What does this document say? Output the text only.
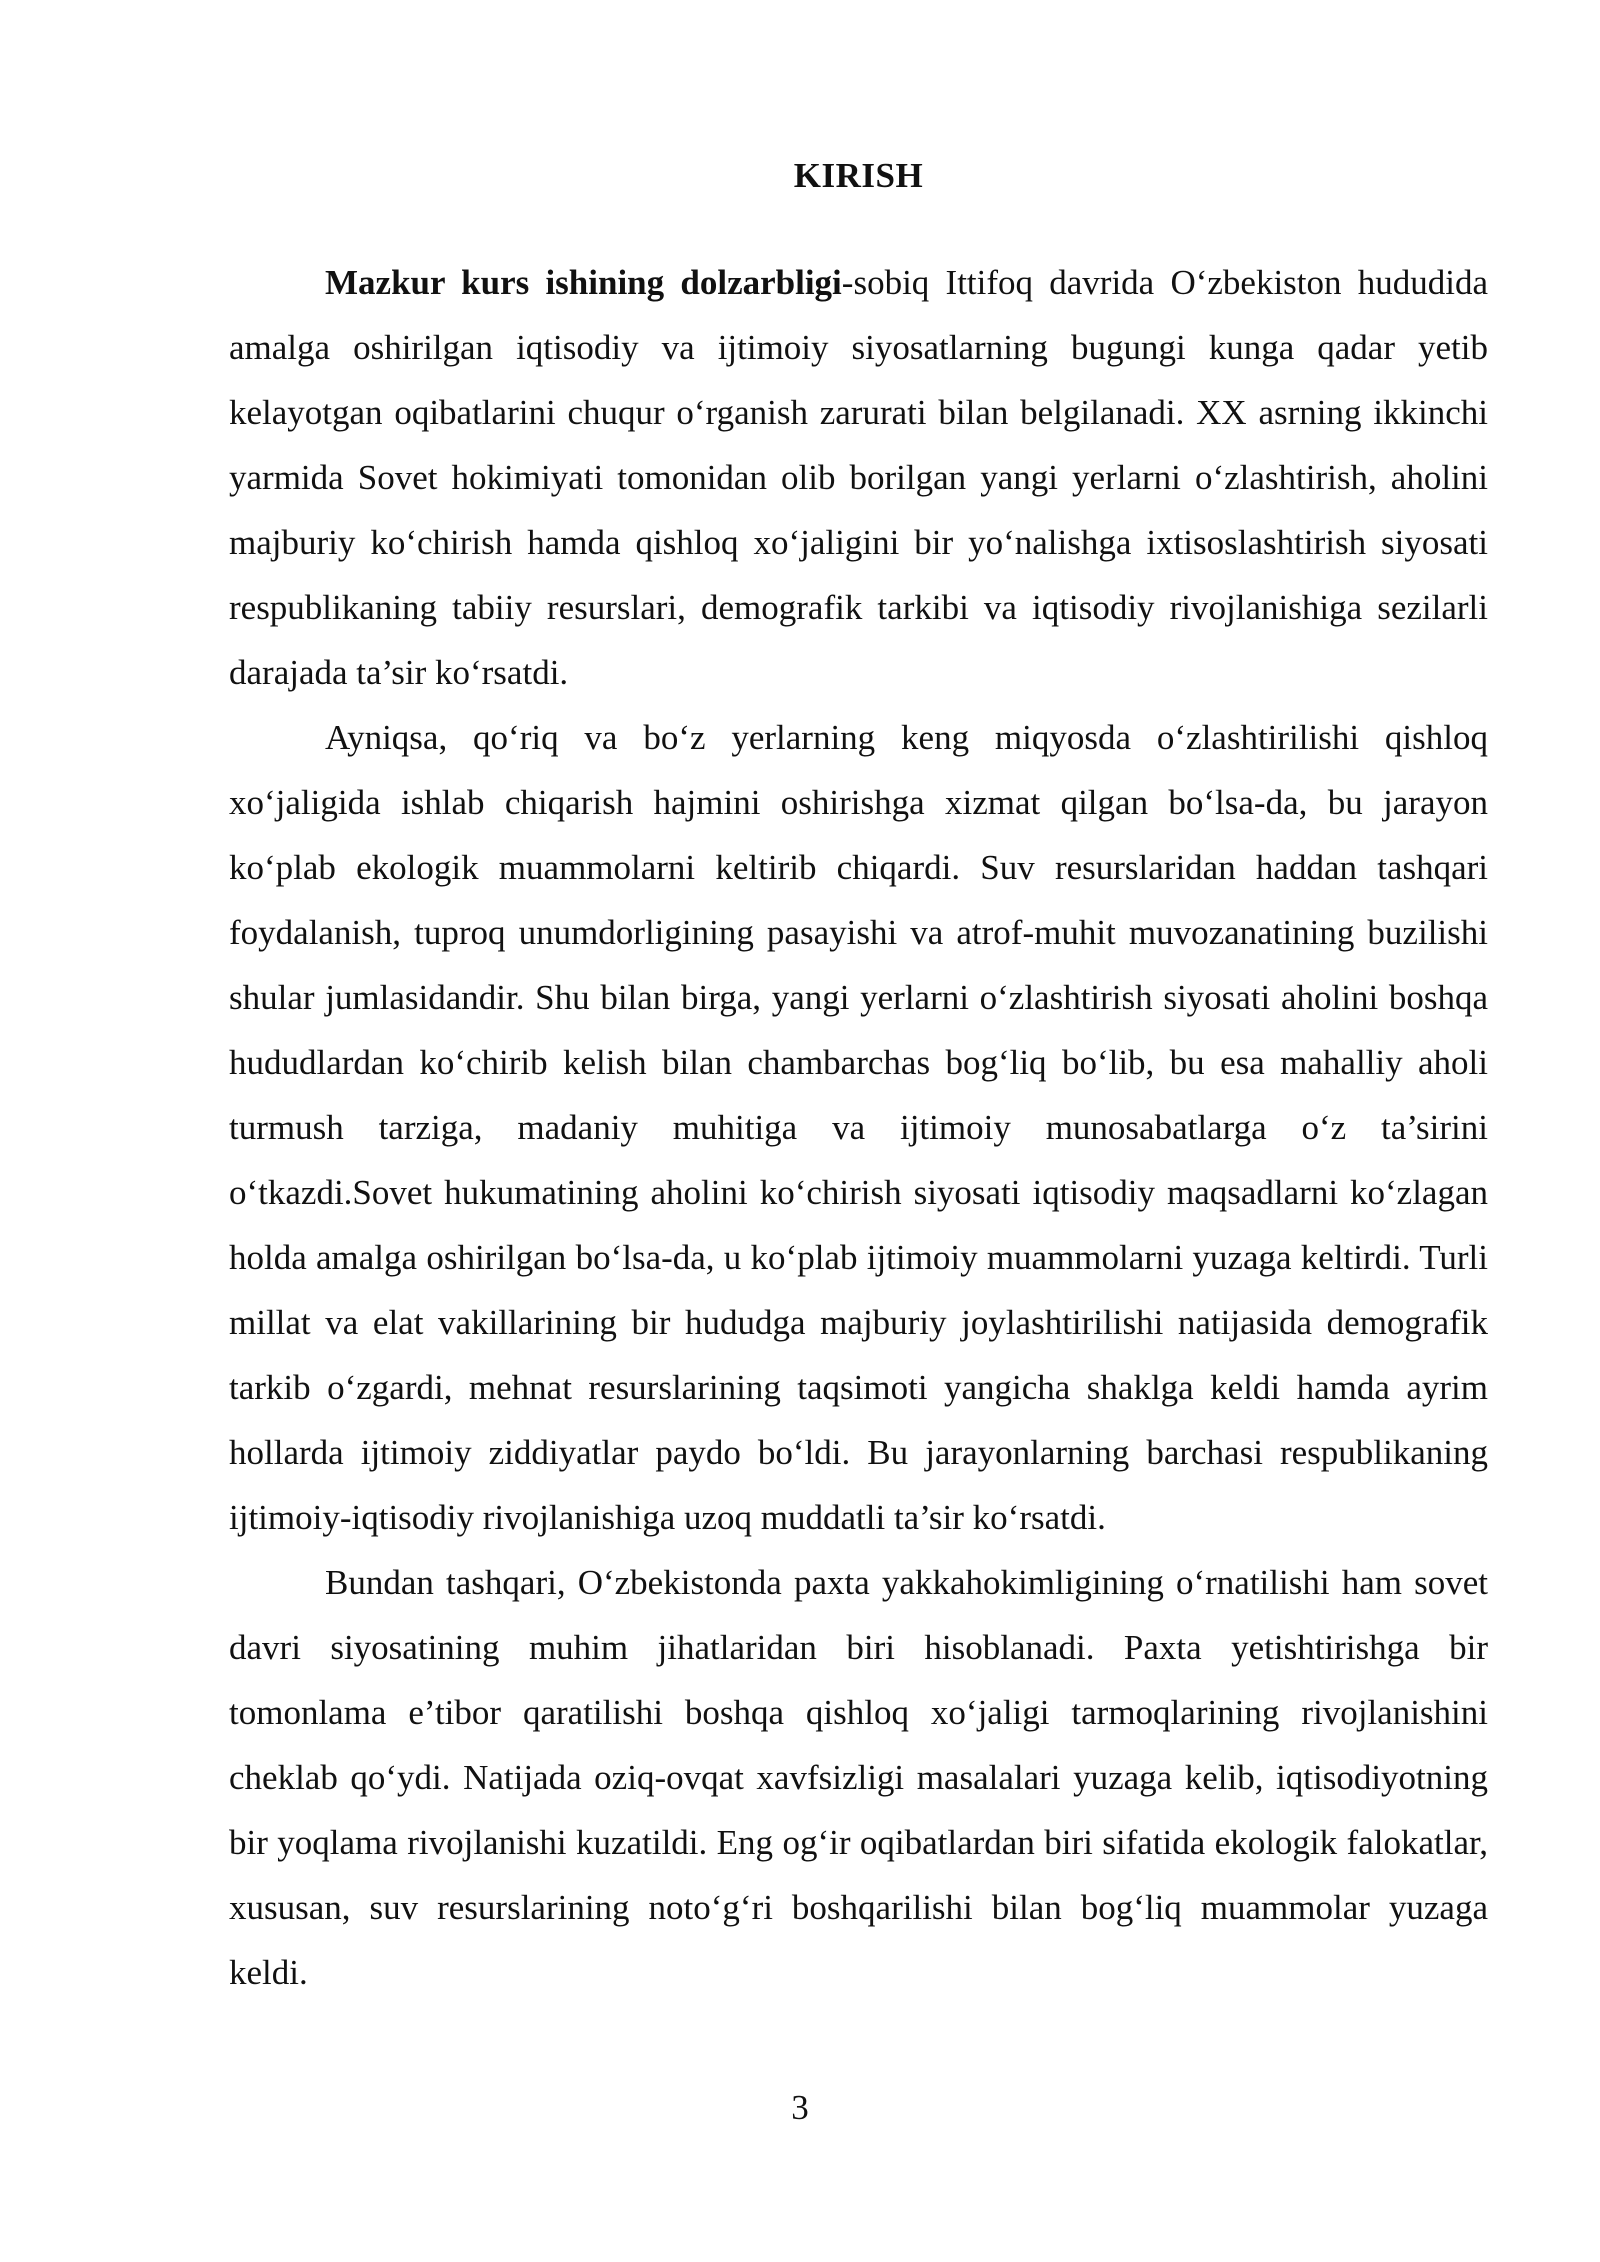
KIRISH

Mazkur kurs ishining dolzarbligi-sobiq Ittifoq davrida O‘zbekiston hududida amalga oshirilgan iqtisodiy va ijtimoiy siyosatlarning bugungi kunga qadar yetib kelayotgan oqibatlarini chuqur o‘rganish zarurati bilan belgilanadi. XX asrning ikkinchi yarmida Sovet hokimiyati tomonidan olib borilgan yangi yerlarni o‘zlashtirish, aholini majburiy ko‘chirish hamda qishloq xo‘jaligini bir yo‘nalishga ixtisoslashtirish siyosati respublikaning tabiiy resurslari, demografik tarkibi va iqtisodiy rivojlanishiga sezilarli darajada ta’sir ko‘rsatdi.

Ayniqsa, qo‘riq va bo‘z yerlarning keng miqyosda o‘zlashtirilishi qishloq xo‘jaligida ishlab chiqarish hajmini oshirishga xizmat qilgan bo‘lsa-da, bu jarayon ko‘plab ekologik muammolarni keltirib chiqardi. Suv resurslaridan haddan tashqari foydalanish, tuproq unumdorligining pasayishi va atrof-muhit muvozanatining buzilishi shular jumlasidandir. Shu bilan birga, yangi yerlarni o‘zlashtirish siyosati aholini boshqa hududlardan ko‘chirib kelish bilan chambarchas bog‘liq bo‘lib, bu esa mahalliy aholi turmush tarziga, madaniy muhitiga va ijtimoiy munosabatlarga o‘z ta’sirini o‘tkazdi.Sovet hukumatining aholini ko‘chirish siyosati iqtisodiy maqsadlarni ko‘zlagan holda amalga oshirilgan bo‘lsa-da, u ko‘plab ijtimoiy muammolarni yuzaga keltirdi. Turli millat va elat vakillarining bir hududga majburiy joylashtirilishi natijasida demografik tarkib o‘zgardi, mehnat resurslarining taqsimoti yangicha shaklga keldi hamda ayrim hollarda ijtimoiy ziddiyatlar paydo bo‘ldi. Bu jarayonlarning barchasi respublikaning ijtimoiy-iqtisodiy rivojlanishiga uzoq muddatli ta’sir ko‘rsatdi.

Bundan tashqari, O‘zbekistonda paxta yakkahokimligining o‘rnatilishi ham sovet davri siyosatining muhim jihatlaridan biri hisoblanadi. Paxta yetishtirishga bir tomonlama e’tibor qaratilishi boshqa qishloq xo‘jaligi tarmoqlarining rivojlanishini cheklab qo‘ydi. Natijada oziq-ovqat xavfsizligi masalalari yuzaga kelib, iqtisodiyotning bir yoqlama rivojlanishi kuzatildi. Eng og‘ir oqibatlardan biri sifatida ekologik falokatlar, xususan, suv resurslarining noto‘g‘ri boshqarilishi bilan bog‘liq muammolar yuzaga keldi.

3
